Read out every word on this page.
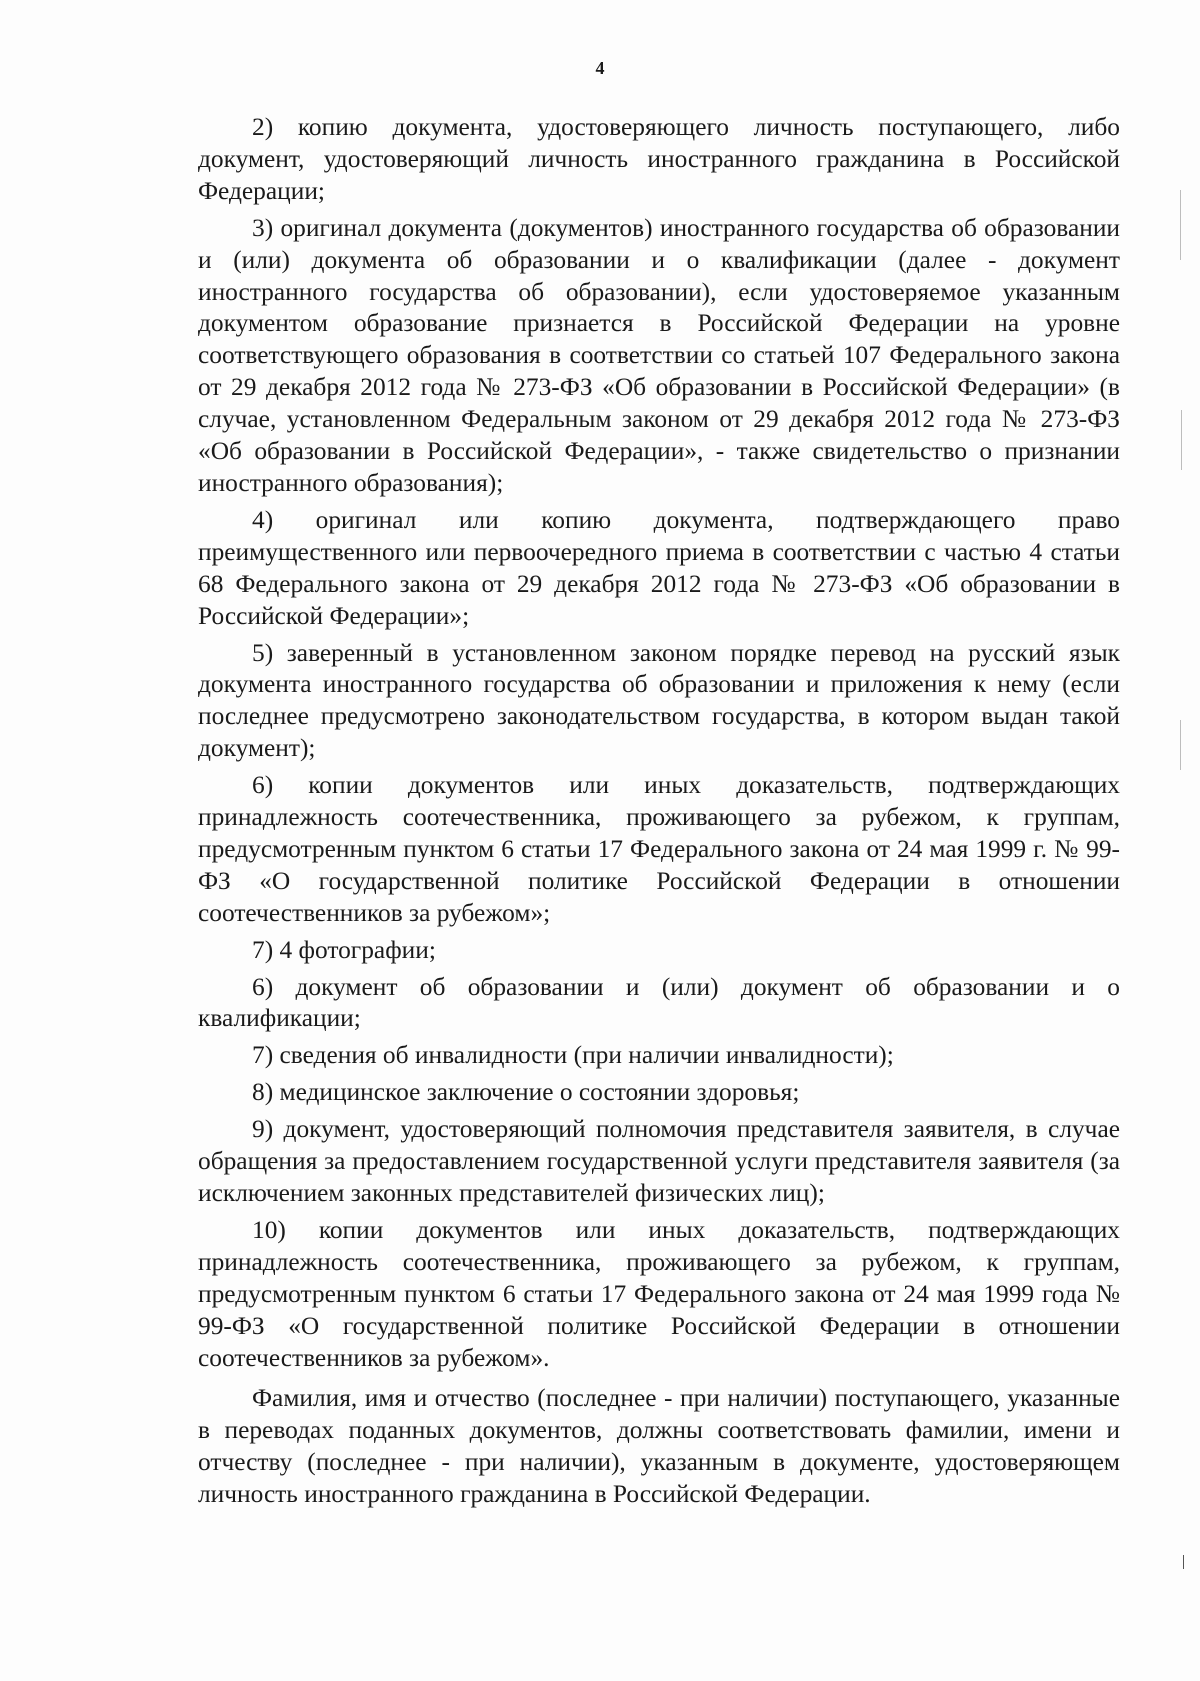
4

2) копию документа, удостоверяющего личность поступающего, либо документ, удостоверяющий личность иностранного гражданина в Российской Федерации;

3) оригинал документа (документов) иностранного государства об образовании и (или) документа об образовании и о квалификации (далее - документ иностранного государства об образовании), если удостоверяемое указанным документом образование признается в Российской Федерации на уровне соответствующего образования в соответствии со статьей 107 Федерального закона от 29 декабря 2012 года № 273-ФЗ «Об образовании в Российской Федерации» (в случае, установленном Федеральным законом от 29 декабря 2012 года № 273-ФЗ «Об образовании в Российской Федерации», - также свидетельство о признании иностранного образования);

4) оригинал или копию документа, подтверждающего право преимущественного или первоочередного приема в соответствии с частью 4 статьи 68 Федерального закона от 29 декабря 2012 года № 273-ФЗ «Об образовании в Российской Федерации»;

5) заверенный в установленном законом порядке перевод на русский язык документа иностранного государства об образовании и приложения к нему (если последнее предусмотрено законодательством государства, в котором выдан такой документ);

6) копии документов или иных доказательств, подтверждающих принадлежность соотечественника, проживающего за рубежом, к группам, предусмотренным пунктом 6 статьи 17 Федерального закона от 24 мая 1999 г. № 99-ФЗ «О государственной политике Российской Федерации в отношении соотечественников за рубежом»;

7) 4 фотографии;

6) документ об образовании и (или) документ об образовании и о квалификации;

7) сведения об инвалидности (при наличии инвалидности);

8) медицинское заключение о состоянии здоровья;

9) документ, удостоверяющий полномочия представителя заявителя, в случае обращения за предоставлением государственной услуги представителя заявителя (за исключением законных представителей физических лиц);

10) копии документов или иных доказательств, подтверждающих принадлежность соотечественника, проживающего за рубежом, к группам, предусмотренным пунктом 6 статьи 17 Федерального закона от 24 мая 1999 года № 99-ФЗ «О государственной политике Российской Федерации в отношении соотечественников за рубежом».

Фамилия, имя и отчество (последнее - при наличии) поступающего, указанные в переводах поданных документов, должны соответствовать фамилии, имени и отчеству (последнее - при наличии), указанным в документе, удостоверяющем личность иностранного гражданина в Российской Федерации.
